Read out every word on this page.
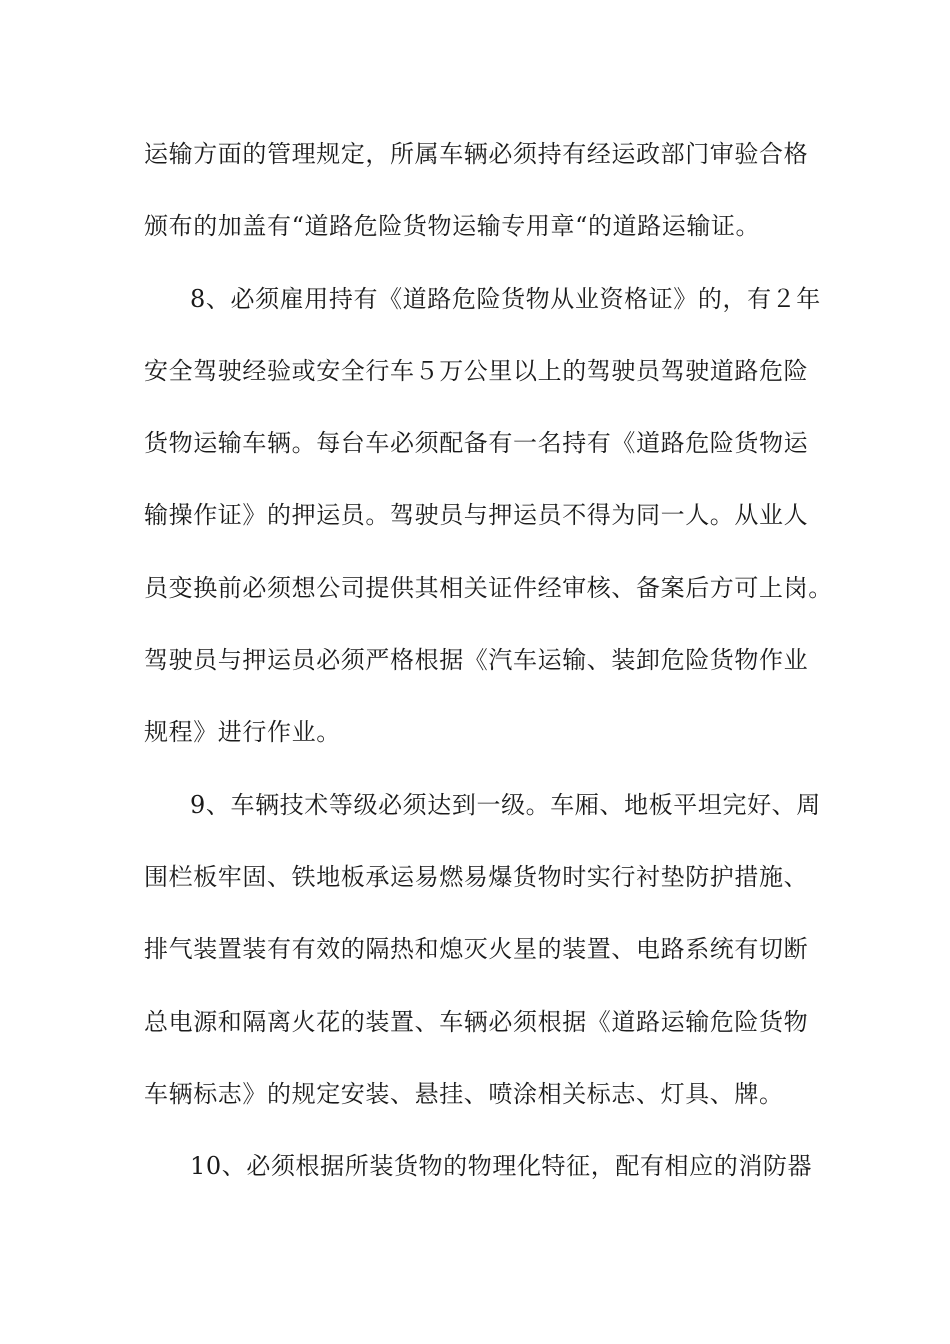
运输方面的管理规定，所属车辆必须持有经运政部门审验合格
颁布的加盖有“道路危险货物运输专用章“的道路运输证。
8、必须雇用持有《道路危险货物从业资格证》的，有２年
安全驾驶经验或安全行车５万公里以上的驾驶员驾驶道路危险
货物运输车辆。每台车必须配备有一名持有《道路危险货物运
输操作证》的押运员。驾驶员与押运员不得为同一人。从业人
员变换前必须想公司提供其相关证件经审核、备案后方可上岗。
驾驶员与押运员必须严格根据《汽车运输、装卸危险货物作业
规程》进行作业。
9、车辆技术等级必须达到一级。车厢、地板平坦完好、周
围栏板牢固、铁地板承运易燃易爆货物时实行衬垫防护措施、
排气装置装有有效的隔热和熄灭火星的装置、电路系统有切断
总电源和隔离火花的装置、车辆必须根据《道路运输危险货物
车辆标志》的规定安装、悬挂、喷涂相关标志、灯具、牌。
10、必须根据所装货物的物理化特征，配有相应的消防器
